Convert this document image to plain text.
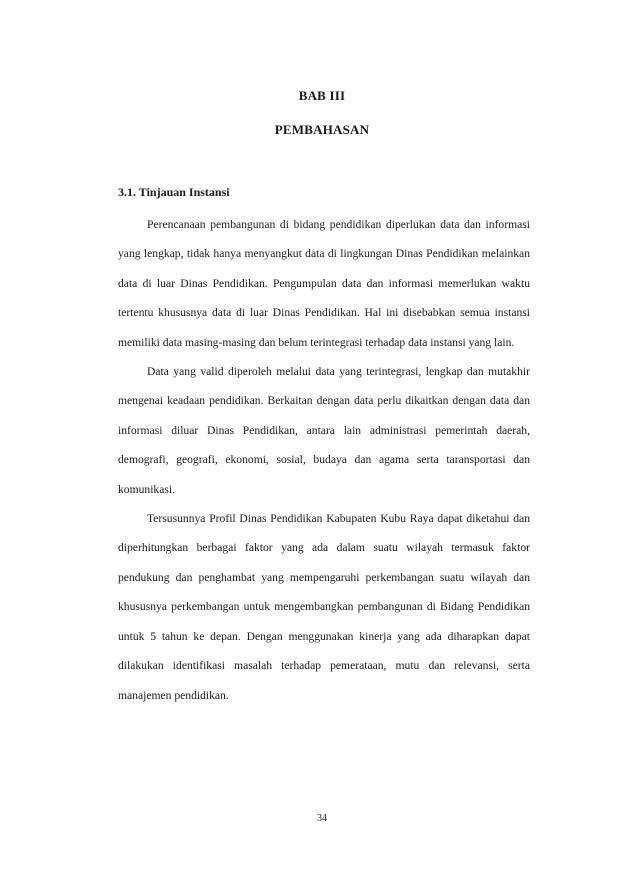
BAB III
PEMBAHASAN
3.1. Tinjauan Instansi

Perencanaan pembangunan di bidang pendidikan diperlukan data dan informasi yang lengkap, tidak hanya menyangkut data di lingkungan Dinas Pendidikan melainkan data di luar Dinas Pendidikan. Pengumpulan data dan informasi memerlukan waktu tertentu khususnya data di luar Dinas Pendidikan. Hal ini disebabkan semua instansi memiliki data masing-masing dan belum terintegrasi terhadap data instansi yang lain.

Data yang valid diperoleh melalui data yang terintegrasi, lengkap dan mutakhir mengenai keadaan pendidikan. Berkaitan dengan data perlu dikaitkan dengan data dan informasi diluar Dinas Pendidikan, antara lain administrasi pemerintah daerah, demografi, geografi, ekonomi, sosial, budaya dan agama serta taransportasi dan komunikasi.

Tersusunnya Profil Dinas Pendidikan Kabupaten Kubu Raya dapat diketahui dan diperhitungkan berbagai faktor yang ada dalam suatu wilayah termasuk faktor pendukung dan penghambat yang mempengaruhi perkembangan suatu wilayah dan khususnya perkembangan untuk mengembangkan pembangunan di Bidang Pendidikan untuk 5 tahun ke depan. Dengan menggunakan kinerja yang ada diharapkan dapat dilakukan identifikasi masalah terhadap pemerataan, mutu dan relevansi, serta manajemen pendidikan.

34
